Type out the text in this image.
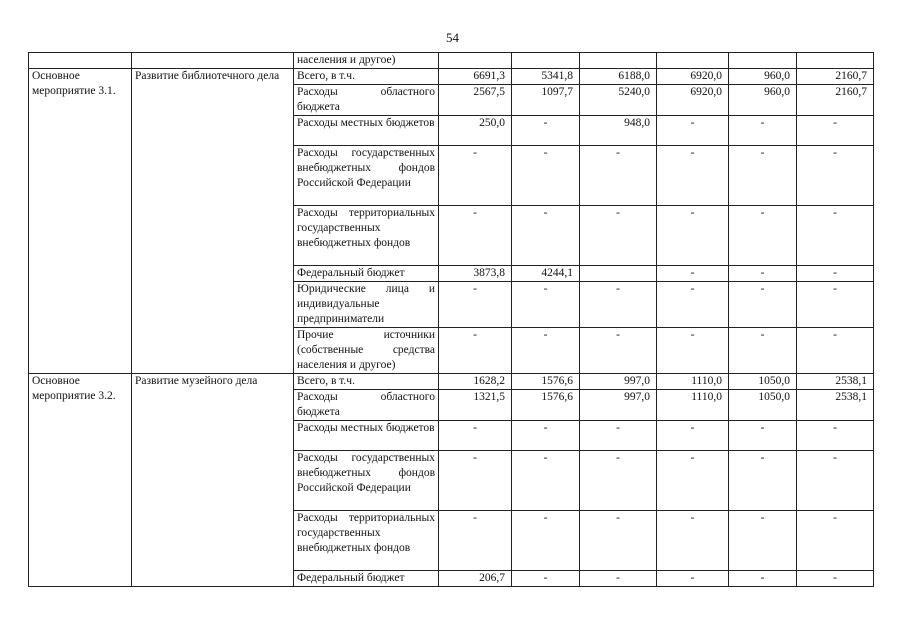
54
		населения и другое)						
Основное мероприятие 3.1.	Развитие библиотечного дела	Всего, в т.ч.	6691,3	5341,8	6188,0	6920,0	960,0	2160,7
		Расходы областного бюджета	2567,5	1097,7	5240,0	6920,0	960,0	2160,7
		Расходы местных бюджетов	250,0	-	948,0	-	-	-
		Расходы государственных внебюджетных фондов Российской Федерации	-	-	-	-	-	-
		Расходы территориальных государственных внебюджетных фондов	-	-	-	-	-	-
		Федеральный бюджет	3873,8	4244,1		-	-	-
		Юридические лица и индивидуальные предприниматели	-	-	-	-	-	-
		Прочие источники (собственные средства населения и другое)	-	-	-	-	-	-
Основное мероприятие 3.2.	Развитие музейного дела	Всего, в т.ч.	1628,2	1576,6	997,0	1110,0	1050,0	2538,1
		Расходы областного бюджета	1321,5	1576,6	997,0	1110,0	1050,0	2538,1
		Расходы местных бюджетов	-	-	-	-	-	-
		Расходы государственных внебюджетных фондов Российской Федерации	-	-	-	-	-	-
		Расходы территориальных государственных внебюджетных фондов	-	-	-	-	-	-
		Федеральный бюджет	206,7	-	-	-	-	-
